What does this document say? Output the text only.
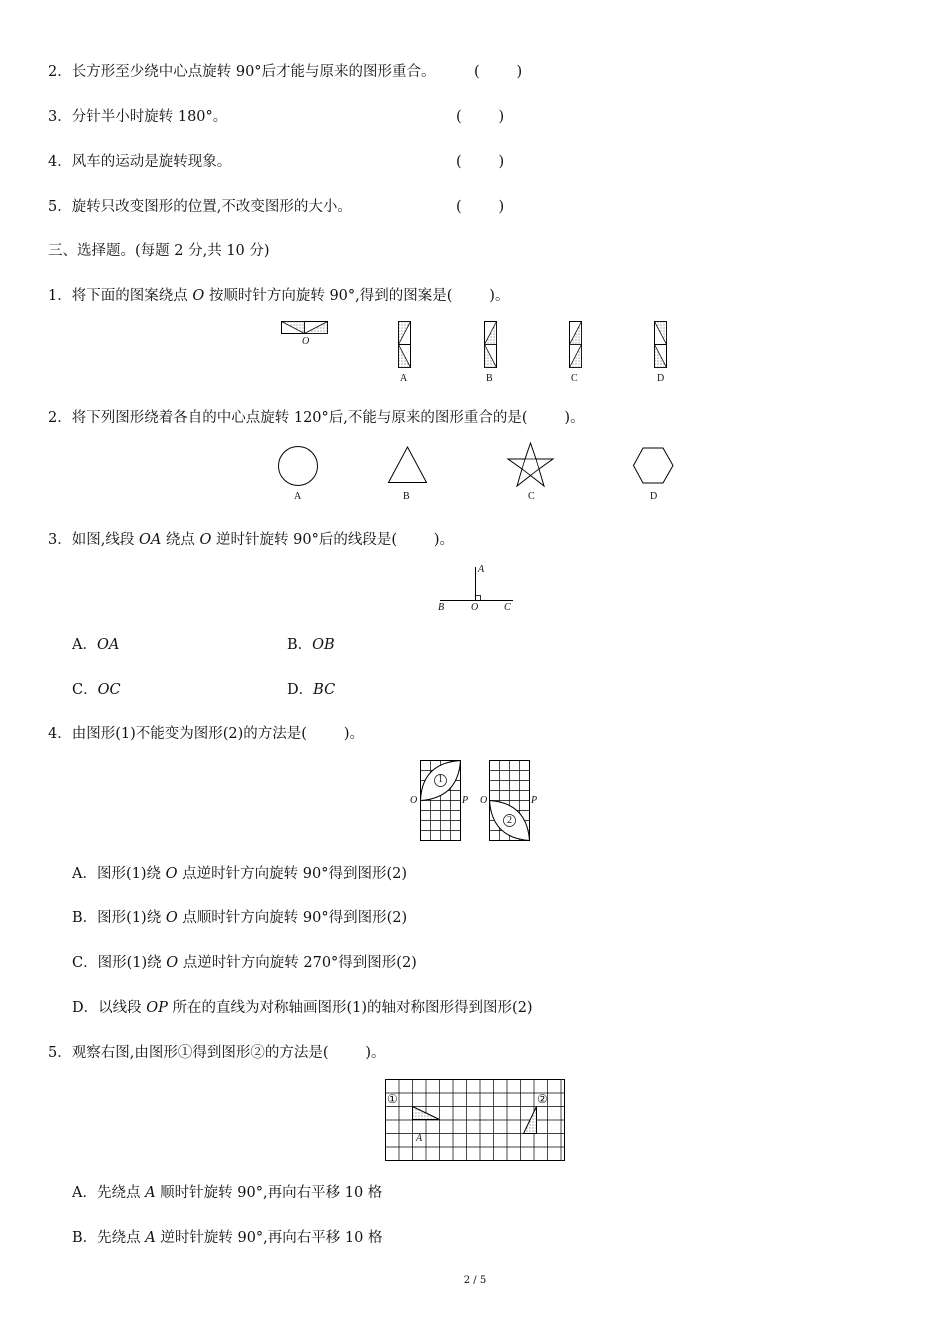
2．长方形至少绕中心点旋转 90°后才能与原来的图形重合。	(        )
3．分针半小时旋转 180°。	(        )
4．风车的运动是旋转现象。	(        )
5．旋转只改变图形的位置,不改变图形的大小。	(        )
三、选择题。(每题 2 分,共 10 分)
1．将下面的图案绕点 O 按顺时针方向旋转 90°,得到的图案是(        )。
O
A	B	C	D
2．将下列图形绕着各自的中心点旋转 120°后,不能与原来的图形重合的是(        )。
A	B	C	D
3．如图,线段 OA 绕点 O 逆时针旋转 90°后的线段是(        )。
A
B	O	C
A．OA	B．OB
C．OC	D．BC
4．由图形(1)不能变为图形(2)的方法是(        )。
1
O	P
2
O	P
A．图形(1)绕 O 点逆时针方向旋转 90°得到图形(2)
B．图形(1)绕 O 点顺时针方向旋转 90°得到图形(2)
C．图形(1)绕 O 点逆时针方向旋转 270°得到图形(2)
D．以线段 OP 所在的直线为对称轴画图形(1)的轴对称图形得到图形(2)
5．观察右图,由图形①得到图形②的方法是(        )。
①	②
A
A．先绕点 A 顺时针旋转 90°,再向右平移 10 格
B．先绕点 A 逆时针旋转 90°,再向右平移 10 格
2 / 5
